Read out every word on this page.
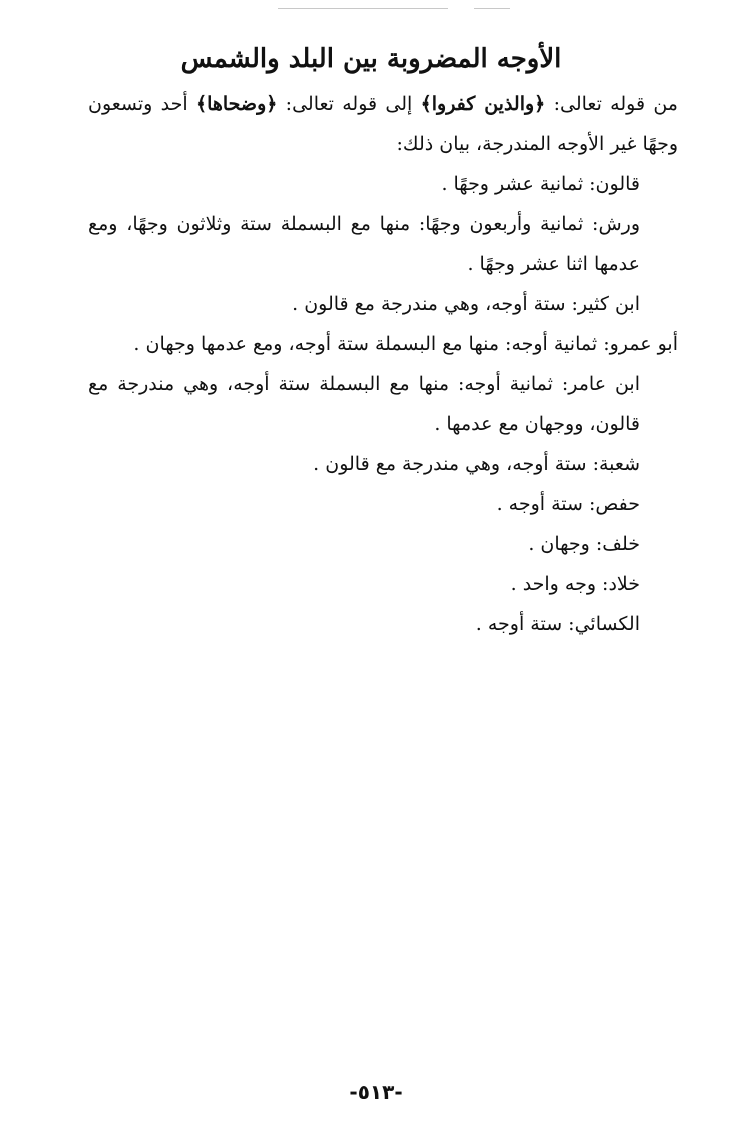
الأوجه المضروبة بين البلد والشمس

من قوله تعالى: ﴿والذين كفروا﴾ إلى قوله تعالى: ﴿وضحاها﴾ أحد وتسعون وجهًا غير الأوجه المندرجة، بيان ذلك:

قالون: ثمانية عشر وجهًا .

ورش: ثمانية وأربعون وجهًا: منها مع البسملة ستة وثلاثون وجهًا، ومع عدمها اثنا عشر وجهًا .

ابن كثير: ستة أوجه، وهي مندرجة مع قالون .

أبو عمرو: ثمانية أوجه: منها مع البسملة ستة أوجه، ومع عدمها وجهان .

ابن عامر: ثمانية أوجه: منها مع البسملة ستة أوجه، وهي مندرجة مع قالون، ووجهان مع عدمها .

شعبة: ستة أوجه، وهي مندرجة مع قالون .

حفص: ستة أوجه .

خلف: وجهان .

خلاد: وجه واحد .

الكسائي: ستة أوجه .

-٥١٣-
